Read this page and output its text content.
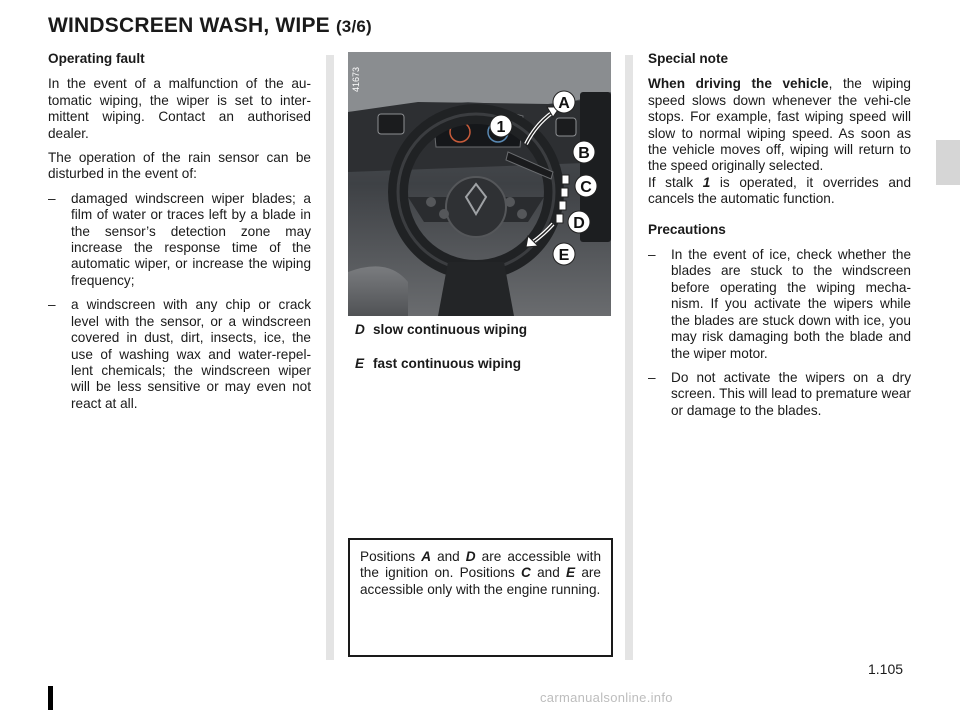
WINDSCREEN WASH, WIPE (3/6)
Operating fault

In the event of a malfunction of the au-tomatic wiping, the wiper is set to inter-mittent wiping. Contact an authorised dealer.

The operation of the rain sensor can be disturbed in the event of:

– damaged windscreen wiper blades; a film of water or traces left by a blade in the sensor’s detection zone may increase the response time of the automatic wiper, or increase the wiping frequency;
– a windscreen with any chip or crack level with the sensor, or a windscreen covered in dust, dirt, insects, ice, the use of washing wax and water-repel-lent chemicals; the windscreen wiper will be less sensitive or may even not react at all.
41673
1
A
B
C
D
E
D slow continuous wiping
E fast continuous wiping
Positions A and D are accessible with the ignition on. Positions C and E are accessible only with the engine running.
Special note

When driving the vehicle, the wiping speed slows down whenever the vehi-cle stops. For example, fast wiping speed will slow to normal wiping speed. As soon as the vehicle moves off, wiping will return to the speed originally selected.
If stalk 1 is operated, it overrides and cancels the automatic function.

Precautions
– In the event of ice, check whether the blades are stuck to the windscreen before operating the wiping mecha-nism. If you activate the wipers while the blades are stuck down with ice, you may risk damaging both the blade and the wiper motor.
– Do not activate the wipers on a dry screen. This will lead to premature wear or damage to the blades.
1.105
carmanualsonline.info
